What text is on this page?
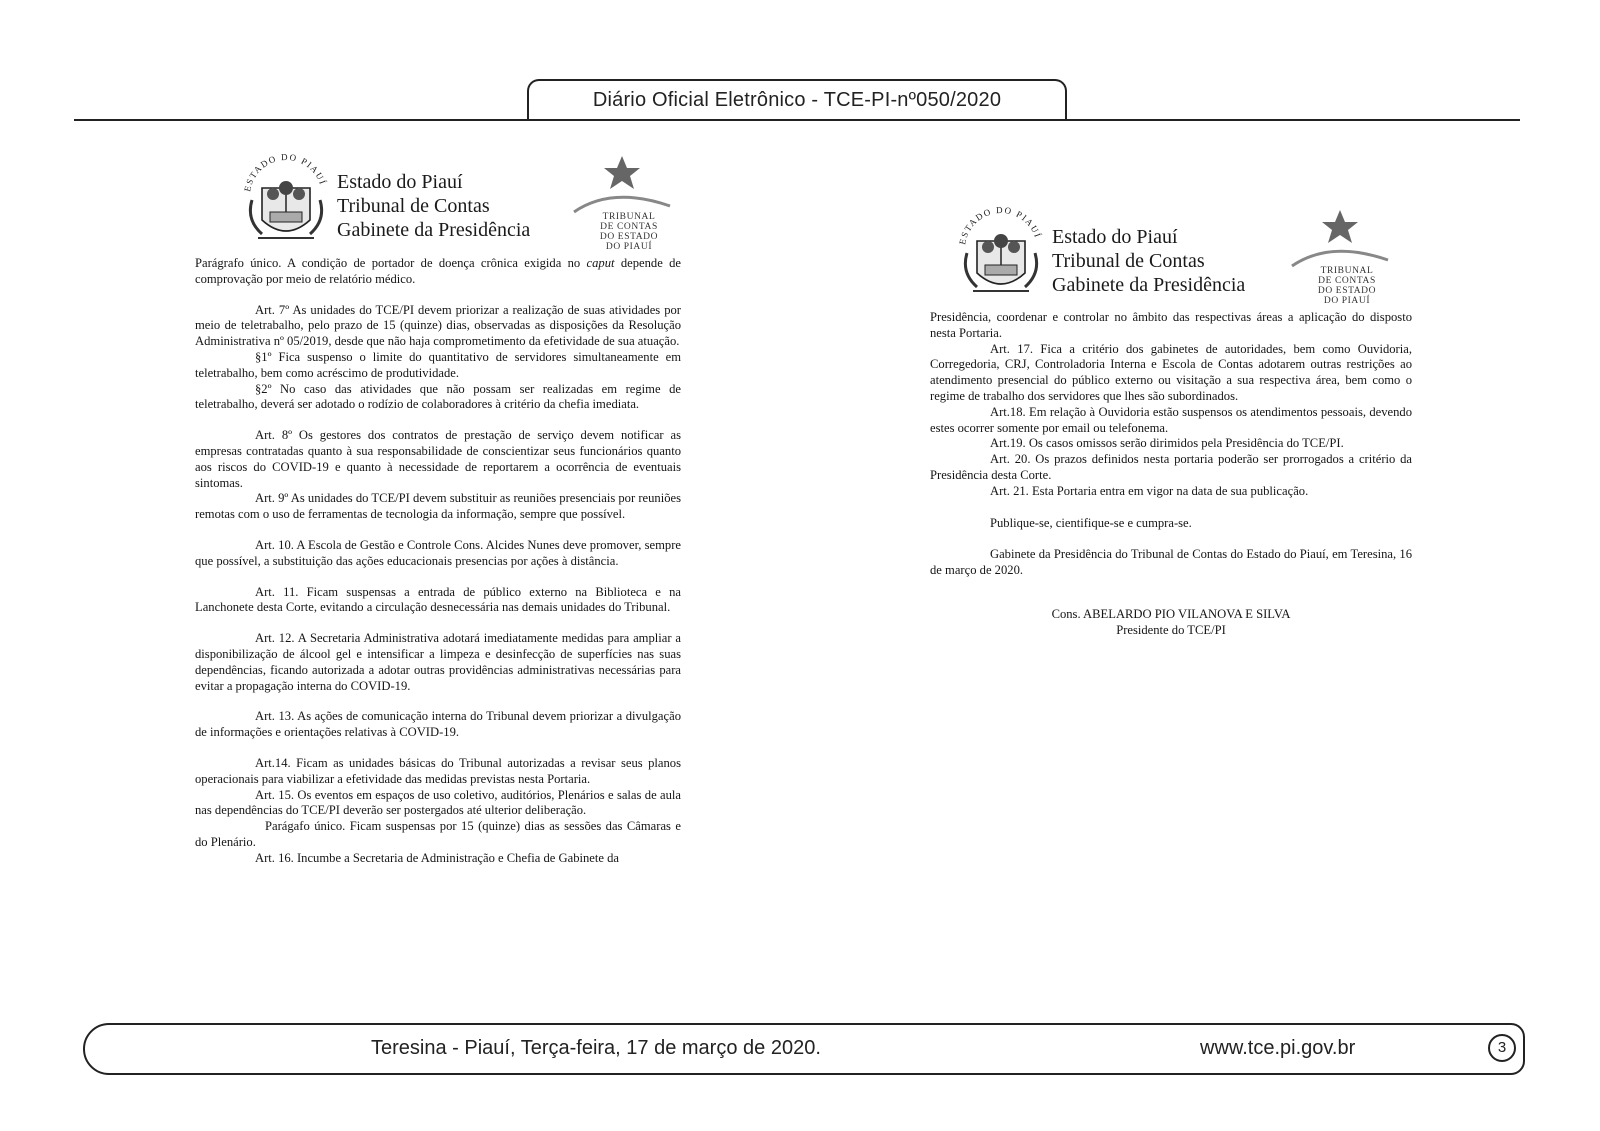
Diário Oficial Eletrônico - TCE-PI-nº050/2020
ESTADO DO PIAUÍ Estado do Piauí
Tribunal de Contas
Gabinete da Presidência
TRIBUNAL
DE CONTAS
DO ESTADO
DO PIAUÍ

Parágrafo único. A condição de portador de doença crônica exigida no caput depende de comprovação por meio de relatório médico.

Art. 7º As unidades do TCE/PI devem priorizar a realização de suas atividades por meio de teletrabalho, pelo prazo de 15 (quinze) dias, observadas as disposições da Resolução Administrativa nº 05/2019, desde que não haja comprometimento da efetividade de sua atuação.

§1º Fica suspenso o limite do quantitativo de servidores simultaneamente em teletrabalho, bem como acréscimo de produtividade.

§2º No caso das atividades que não possam ser realizadas em regime de teletrabalho, deverá ser adotado o rodízio de colaboradores à critério da chefia imediata.

Art. 8º Os gestores dos contratos de prestação de serviço devem notificar as empresas contratadas quanto à sua responsabilidade de conscientizar seus funcionários quanto aos riscos do COVID-19 e quanto à necessidade de reportarem a ocorrência de eventuais sintomas.

Art. 9º As unidades do TCE/PI devem substituir as reuniões presenciais por reuniões remotas com o uso de ferramentas de tecnologia da informação, sempre que possível.

Art. 10. A Escola de Gestão e Controle Cons. Alcides Nunes deve promover, sempre que possível, a substituição das ações educacionais presencias por ações à distância.

Art. 11. Ficam suspensas a entrada de público externo na Biblioteca e na Lanchonete desta Corte, evitando a circulação desnecessária nas demais unidades do Tribunal.

Art. 12. A Secretaria Administrativa adotará imediatamente medidas para ampliar a disponibilização de álcool gel e intensificar a limpeza e desinfecção de superfícies nas suas dependências, ficando autorizada a adotar outras providências administrativas necessárias para evitar a propagação interna do COVID-19.

Art. 13. As ações de comunicação interna do Tribunal devem priorizar a divulgação de informações e orientações relativas à COVID-19.

Art.14. Ficam as unidades básicas do Tribunal autorizadas a revisar seus planos operacionais para viabilizar a efetividade das medidas previstas nesta Portaria.

Art. 15. Os eventos em espaços de uso coletivo, auditórios, Plenários e salas de aula nas dependências do TCE/PI deverão ser postergados até ulterior deliberação.

Parágafo único. Ficam suspensas por 15 (quinze) dias as sessões das Câmaras e do Plenário.

Art. 16. Incumbe a Secretaria de Administração e Chefia de Gabinete da

ESTADO DO PIAUÍ Estado do Piauí
Tribunal de Contas
Gabinete da Presidência
TRIBUNAL
DE CONTAS
DO ESTADO
DO PIAUÍ

Presidência, coordenar e controlar no âmbito das respectivas áreas a aplicação do disposto nesta Portaria.

Art. 17. Fica a critério dos gabinetes de autoridades, bem como Ouvidoria, Corregedoria, CRJ, Controladoria Interna e Escola de Contas adotarem outras restrições ao atendimento presencial do público externo ou visitação a sua respectiva área, bem como o regime de trabalho dos servidores que lhes são subordinados.

Art.18. Em relação à Ouvidoria estão suspensos os atendimentos pessoais, devendo estes ocorrer somente por email ou telefonema.

Art.19. Os casos omissos serão dirimidos pela Presidência do TCE/PI.

Art. 20. Os prazos definidos nesta portaria poderão ser prorrogados a critério da Presidência desta Corte.

Art. 21. Esta Portaria entra em vigor na data de sua publicação.

Publique-se, cientifique-se e cumpra-se.

Gabinete da Presidência do Tribunal de Contas do Estado do Piauí, em Teresina, 16 de março de 2020.

Cons. ABELARDO PIO VILANOVA E SILVA

Presidente do TCE/PI

Teresina - Piauí, Terça-feira, 17 de março de 2020.	www.tce.pi.gov.br	3
